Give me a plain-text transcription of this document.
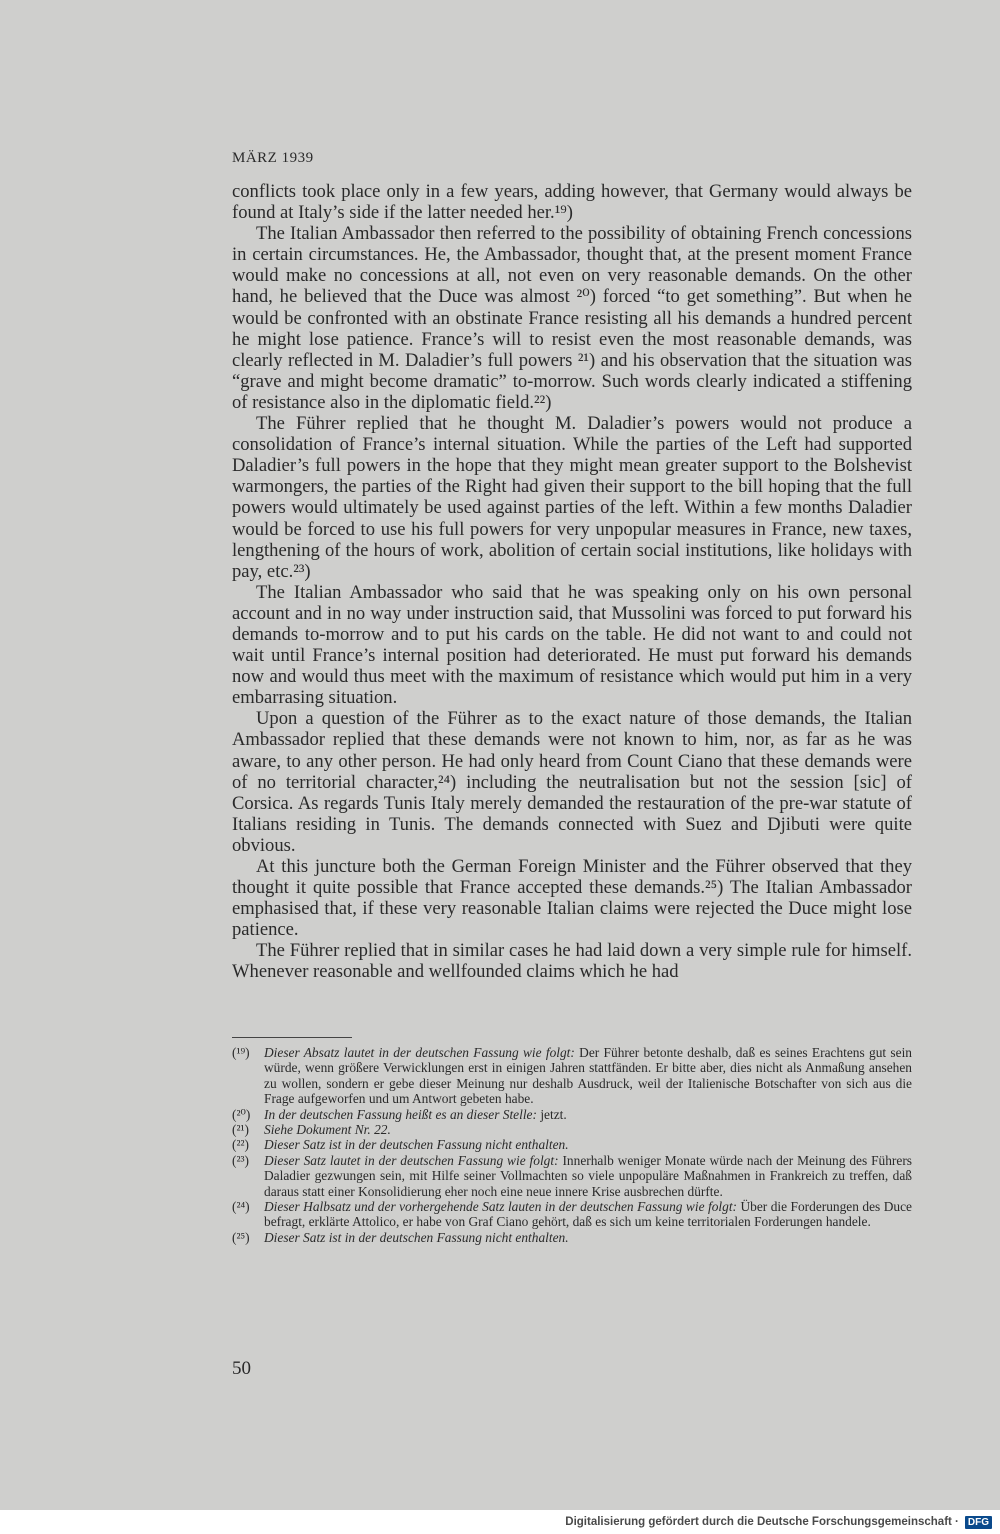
MÄRZ 1939

conflicts took place only in a few years, adding however, that Germany would always be found at Italy’s side if the latter needed her.¹⁹)

The Italian Ambassador then referred to the possibility of obtaining French concessions in certain circumstances. He, the Ambassador, thought that, at the present moment France would make no concessions at all, not even on very reasonable demands. On the other hand, he believed that the Duce was almost ²⁰) forced “to get something”. But when he would be confronted with an obstinate France resisting all his demands a hundred percent he might lose patience. France’s will to resist even the most reasonable demands, was clearly reflected in M. Daladier’s full powers ²¹) and his observation that the situation was “grave and might become dramatic” to-morrow. Such words clearly indicated a stiffening of resistance also in the diplomatic field.²²)

The Führer replied that he thought M. Daladier’s powers would not produce a consolidation of France’s internal situation. While the parties of the Left had supported Daladier’s full powers in the hope that they might mean greater support to the Bolshevist warmongers, the parties of the Right had given their support to the bill hoping that the full powers would ultimately be used against parties of the left. Within a few months Daladier would be forced to use his full powers for very unpopular measures in France, new taxes, lengthening of the hours of work, abolition of certain social institutions, like holidays with pay, etc.²³)

The Italian Ambassador who said that he was speaking only on his own personal account and in no way under instruction said, that Mussolini was forced to put forward his demands to-morrow and to put his cards on the table. He did not want to and could not wait until France’s internal position had deteriorated. He must put forward his demands now and would thus meet with the maximum of resistance which would put him in a very embarrasing situation.

Upon a question of the Führer as to the exact nature of those demands, the Italian Ambassador replied that these demands were not known to him, nor, as far as he was aware, to any other person. He had only heard from Count Ciano that these demands were of no territorial character,²⁴) including the neutralisation but not the session [sic] of Corsica. As regards Tunis Italy merely demanded the restauration of the pre-war statute of Italians residing in Tunis. The demands connected with Suez and Djibuti were quite obvious.

At this juncture both the German Foreign Minister and the Führer observed that they thought it quite possible that France accepted these demands.²⁵) The Italian Ambassador emphasised that, if these very reasonable Italian claims were rejected the Duce might lose patience.

The Führer replied that in similar cases he had laid down a very simple rule for himself. Whenever reasonable and wellfounded claims which he had

(¹⁹)	Dieser Absatz lautet in der deutschen Fassung wie folgt: Der Führer betonte deshalb, daß es seines Erachtens gut sein würde, wenn größere Verwicklungen erst in einigen Jahren stattfänden. Er bitte aber, dies nicht als Anmaßung ansehen zu wollen, sondern er gebe dieser Meinung nur deshalb Ausdruck, weil der Italienische Botschafter von sich aus die Frage aufgeworfen und um Antwort gebeten habe.
(²⁰)	In der deutschen Fassung heißt es an dieser Stelle: jetzt.
(²¹)	Siehe Dokument Nr. 22.
(²²)	Dieser Satz ist in der deutschen Fassung nicht enthalten.
(²³)	Dieser Satz lautet in der deutschen Fassung wie folgt: Innerhalb weniger Monate würde nach der Meinung des Führers Daladier gezwungen sein, mit Hilfe seiner Vollmachten so viele unpopuläre Maßnahmen in Frankreich zu treffen, daß daraus statt einer Konsolidierung eher noch eine neue innere Krise ausbrechen dürfte.
(²⁴)	Dieser Halbsatz und der vorhergehende Satz lauten in der deutschen Fassung wie folgt: Über die Forderungen des Duce befragt, erklärte Attolico, er habe von Graf Ciano gehört, daß es sich um keine territorialen Forderungen handele.
(²⁵)	Dieser Satz ist in der deutschen Fassung nicht enthalten.

50

Digitalisierung gefördert durch die Deutsche Forschungsgemeinschaft · DFG
